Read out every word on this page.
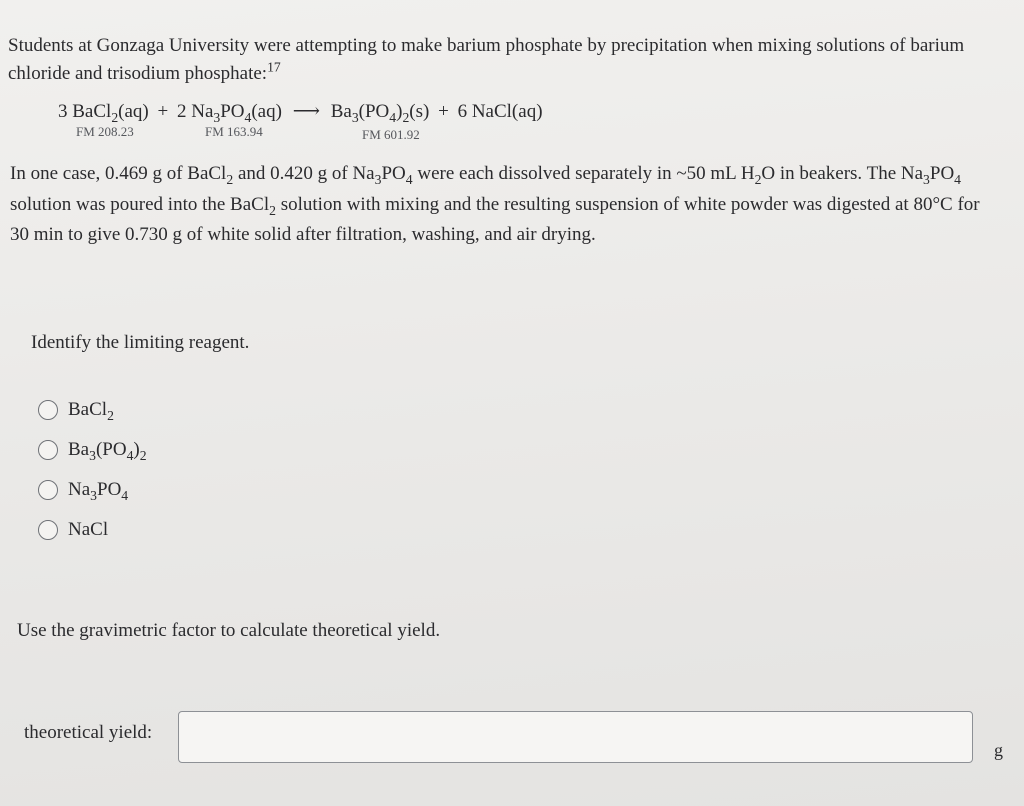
Students at Gonzaga University were attempting to make barium phosphate by precipitation when mixing solutions of barium
chloride and trisodium phosphate:$^{17}$
3 BaCl$_2$(aq) + 2 $Na_3PO_4(aq)$ ⟶ $Ba_3(PO_4)_2(s) + 6$ NaCl(aq)
FM 208.23	FM 163.94	FM 601.92
In one case, 0.469 g of BaCl$_2$ and 0.420 g of $Na_3PO_4$ were each dissolved separately in ~50 mL $H_2O$ in beakers. The $Na_3PO_4$
solution was poured into the BaCl$_2$ solution with mixing and the resulting suspension of white powder was digested at 80°C for
30 min to give 0.730 g of white solid after filtration, washing, and air drying.
Identify the limiting reagent.
BaCl$_2$
$Ba_3(PO_4)_2$
$Na_3PO_4$
NaCl
Use the gravimetric factor to calculate theoretical yield.
theoretical yield:
g
